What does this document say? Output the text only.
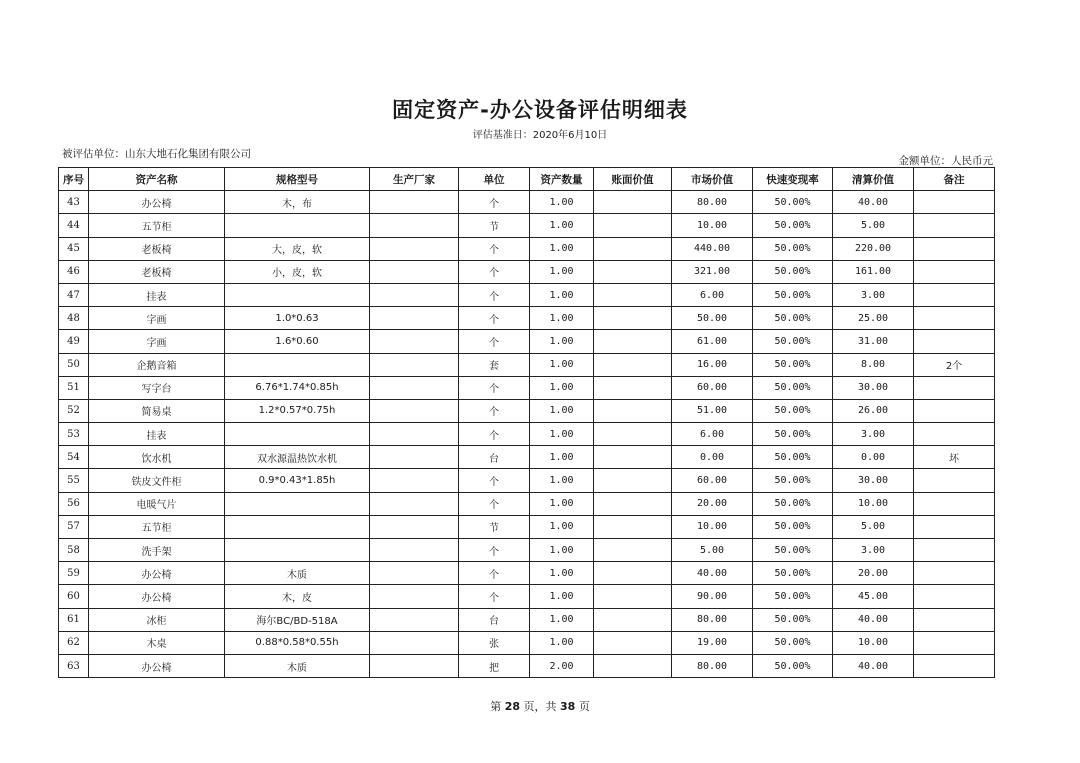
固定资产-办公设备评估明细表
评估基准日：2020年6月10日
被评估单位：山东大地石化集团有限公司
金额单位：人民币元
序号	资产名称	规格型号	生产厂家	单位	资产数量	账面价值	市场价值	快速变现率	清算价值	备注
43	办公椅	木，布		个	1.00		80.00	50.00%	40.00	
44	五节柜			节	1.00		10.00	50.00%	5.00	
45	老板椅	大，皮，软		个	1.00		440.00	50.00%	220.00	
46	老板椅	小，皮，软		个	1.00		321.00	50.00%	161.00	
47	挂表			个	1.00		6.00	50.00%	3.00	
48	字画	1.0*0.63		个	1.00		50.00	50.00%	25.00	
49	字画	1.6*0.60		个	1.00		61.00	50.00%	31.00	
50	企鹅音箱			套	1.00		16.00	50.00%	8.00	2个
51	写字台	6.76*1.74*0.85h		个	1.00		60.00	50.00%	30.00	
52	简易桌	1.2*0.57*0.75h		个	1.00		51.00	50.00%	26.00	
53	挂表			个	1.00		6.00	50.00%	3.00	
54	饮水机	双水源温热饮水机		台	1.00		0.00	50.00%	0.00	坏
55	铁皮文件柜	0.9*0.43*1.85h		个	1.00		60.00	50.00%	30.00	
56	电暖气片			个	1.00		20.00	50.00%	10.00	
57	五节柜			节	1.00		10.00	50.00%	5.00	
58	洗手架			个	1.00		5.00	50.00%	3.00	
59	办公椅	木质		个	1.00		40.00	50.00%	20.00	
60	办公椅	木，皮		个	1.00		90.00	50.00%	45.00	
61	冰柜	海尔BC/BD-518A		台	1.00		80.00	50.00%	40.00	
62	木桌	0.88*0.58*0.55h		张	1.00		19.00	50.00%	10.00	
63	办公椅	木质		把	2.00		80.00	50.00%	40.00	
第 28 页，共 38 页
